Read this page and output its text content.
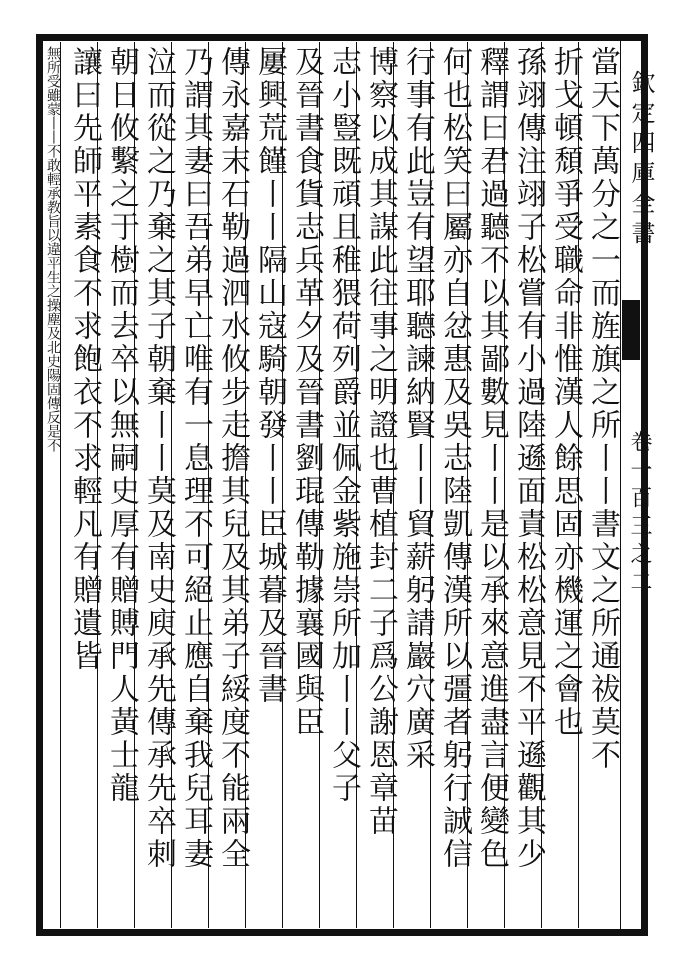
欽定四庫全書
卷一百三之二
當天下萬分之一而旌旗之所丨丨書文之所通祓莫不
折戈頓頹爭受職命非惟漢人餘思固亦機運之會也
孫翊傳注翊子松嘗有小過陸遜面責松松意見不平遜觀其少
釋謂曰君過聽不以其鄙數見丨丨是以承來意進盡言便變色
何也松笑曰屬亦自忿惠及吳志陸凱傳漢所以彊者躬行誠信
行事有此豈有望耶聽諫納賢丨丨貿薪躬請巖穴廣采
博察以成其謀此往事之明證也曹植封二子爲公謝恩章苗
志小豎既頑且稚猥荷列爵並佩金紫施崇所加丨丨父子
及晉書食貨志兵革夕及晉書劉琨傳勒據襄國與臣
屢興荒饉丨丨隔山寇騎朝發丨丨臣城暮及晉書
傳永嘉末石勒過泗水攸步走擔其兒及其弟子綏度不能兩全
乃謂其妻曰吾弟早亡唯有一息理不可絕止應自棄我兒耳妻
泣而從之乃棄之其子朝棄丨丨莫及南史庾承先傳承先卒刺
朝日攸繫之于樹而去卒以無嗣史厚有贈賻門人黃士龍
讓曰先師平素食不求飽衣不求輕凡有贈遺皆
無所受雖蒙丨丨不敢輕承教旨以違平生之操塵及北史陽固傳反是不
